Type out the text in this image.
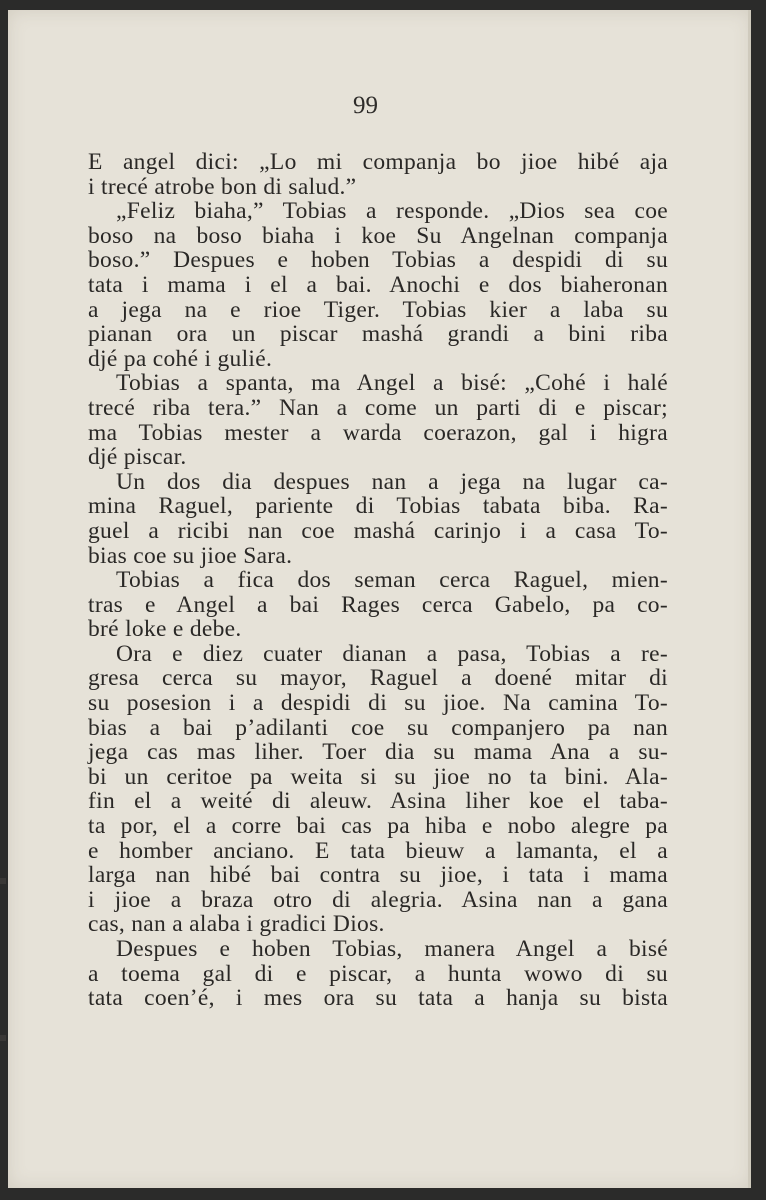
99
E angel dici: „Lo mi companja bo jioe hibé aja
i trecé atrobe bon di salud.”
„Feliz biaha,” Tobias a responde. „Dios sea coe
boso na boso biaha i koe Su Angelnan companja
boso.” Despues e hoben Tobias a despidi di su
tata i mama i el a bai. Anochi e dos biaheronan
a jega na e rioe Tiger. Tobias kier a laba su
pianan ora un piscar mashá grandi a bini riba
djé pa cohé i gulié.
Tobias a spanta, ma Angel a bisé: „Cohé i halé
trecé riba tera.” Nan a come un parti di e piscar;
ma Tobias mester a warda coerazon, gal i higra
djé piscar.
Un dos dia despues nan a jega na lugar ca-
mina Raguel, pariente di Tobias tabata biba. Ra-
guel a ricibi nan coe mashá carinjo i a casa To-
bias coe su jioe Sara.
Tobias a fica dos seman cerca Raguel, mien-
tras e Angel a bai Rages cerca Gabelo, pa co-
bré loke e debe.
Ora e diez cuater dianan a pasa, Tobias a re-
gresa cerca su mayor, Raguel a doené mitar di
su posesion i a despidi di su jioe. Na camina To-
bias a bai p’adilanti coe su companjero pa nan
jega cas mas liher. Toer dia su mama Ana a su-
bi un ceritoe pa weita si su jioe no ta bini. Ala-
fin el a weité di aleuw. Asina liher koe el taba-
ta por, el a corre bai cas pa hiba e nobo alegre pa
e homber anciano. E tata bieuw a lamanta, el a
larga nan hibé bai contra su jioe, i tata i mama
i jioe a braza otro di alegria. Asina nan a gana
cas, nan a alaba i gradici Dios.
Despues e hoben Tobias, manera Angel a bisé
a toema gal di e piscar, a hunta wowo di su
tata coen’é, i mes ora su tata a hanja su bista
